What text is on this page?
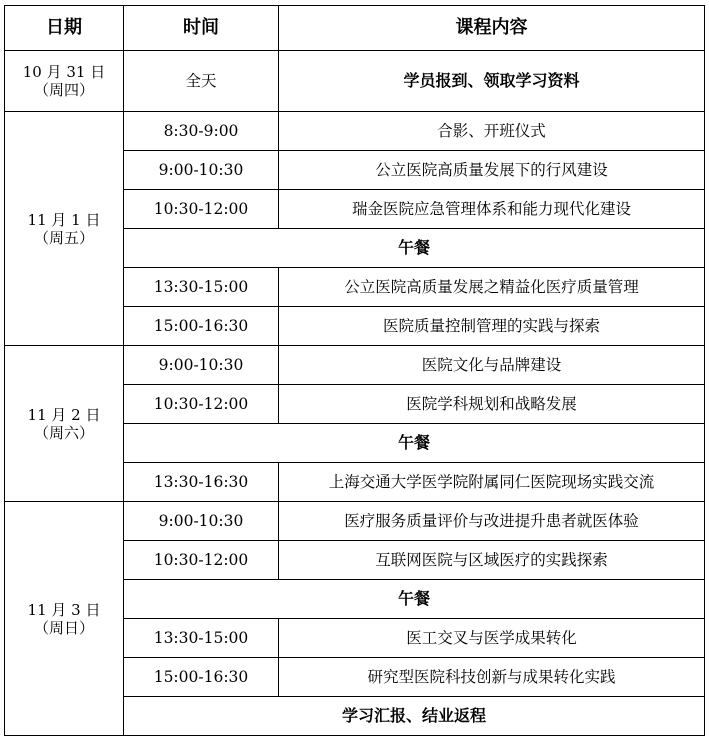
日期	时间	课程内容

10 月 31 日
（周四）	全天	学员报到、领取学习资料

11 月 1 日
（周五）	8:30-9:00	合影、开班仪式
	9:00-10:30	公立医院高质量发展下的行风建设
	10:30-12:00	瑞金医院应急管理体系和能力现代化建设
	午餐	
	13:30-15:00	公立医院高质量发展之精益化医疗质量管理
	15:00-16:30	医院质量控制管理的实践与探索

11 月 2 日
（周六）	9:00-10:30	医院文化与品牌建设
	10:30-12:00	医院学科规划和战略发展
	午餐	
	13:30-16:30	上海交通大学医学院附属同仁医院现场实践交流

11 月 3 日
（周日）	9:00-10:30	医疗服务质量评价与改进提升患者就医体验
	10:30-12:00	互联网医院与区域医疗的实践探索
	午餐	
	13:30-15:00	医工交叉与医学成果转化
	15:00-16:30	研究型医院科技创新与成果转化实践
	学习汇报、结业返程	
